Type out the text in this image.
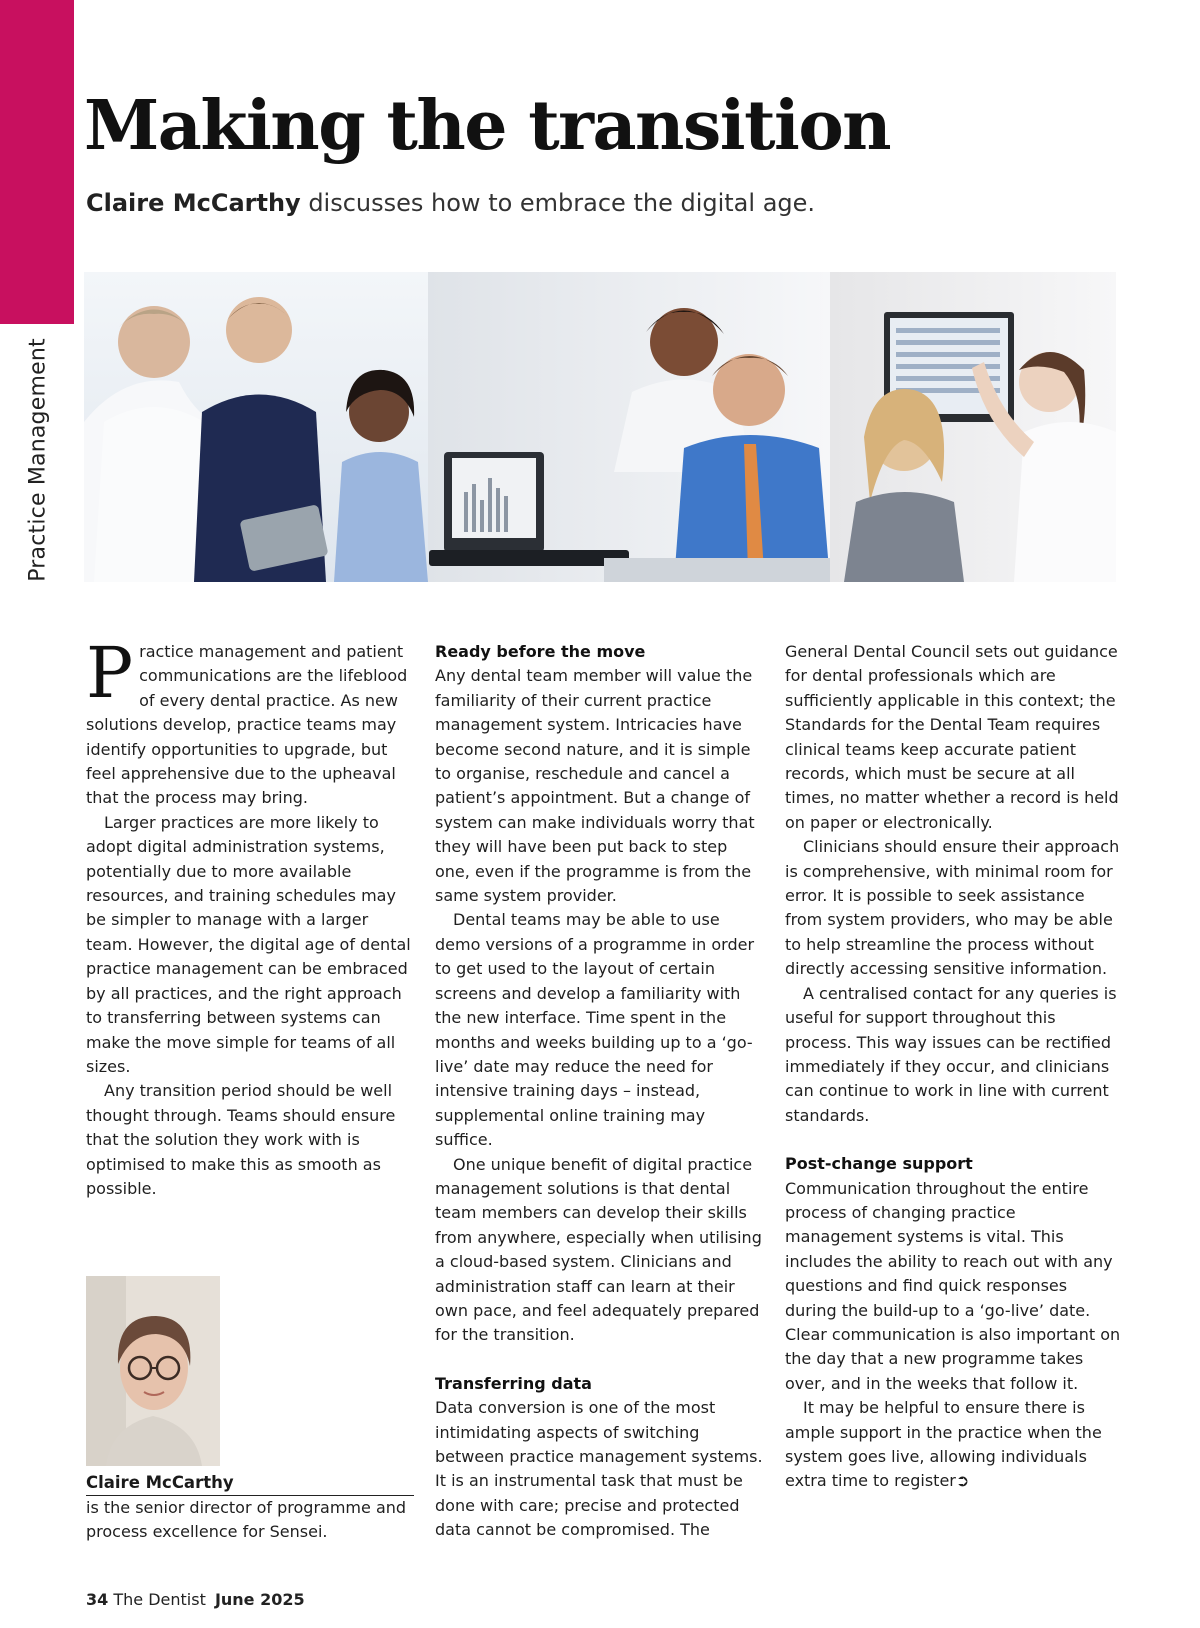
Practice Management
Making the transition

Claire McCarthy discusses how to embrace the digital age.

Practice management and patient communications are the lifeblood of every dental practice. As new solutions develop, practice teams may identify opportunities to upgrade, but feel apprehensive due to the upheaval that the process may bring.

Larger practices are more likely to adopt digital administration systems, potentially due to more available resources, and training schedules may be simpler to manage with a larger team. However, the digital age of dental practice management can be embraced by all practices, and the right approach to transferring between systems can make the move simple for teams of all sizes.

Any transition period should be well thought through. Teams should ensure that the solution they work with is optimised to make this as smooth as possible.

Ready before the move

Any dental team member will value the familiarity of their current practice management system. Intricacies have become second nature, and it is simple to organise, reschedule and cancel a patient’s appointment. But a change of system can make individuals worry that they will have been put back to step one, even if the programme is from the same system provider.

Dental teams may be able to use demo versions of a programme in order to get used to the layout of certain screens and develop a familiarity with the new interface. Time spent in the months and weeks building up to a ‘go-live’ date may reduce the need for intensive training days – instead, supplemental online training may suffice.

One unique benefit of digital practice management solutions is that dental team members can develop their skills from anywhere, especially when utilising a cloud-based system. Clinicians and administration staff can learn at their own pace, and feel adequately prepared for the transition.

Transferring data

Data conversion is one of the most intimidating aspects of switching between practice management systems. It is an instrumental task that must be done with care; precise and protected data cannot be compromised. The

General Dental Council sets out guidance for dental professionals which are sufficiently applicable in this context; the Standards for the Dental Team requires clinical teams keep accurate patient records, which must be secure at all times, no matter whether a record is held on paper or electronically.

Clinicians should ensure their approach is comprehensive, with minimal room for error. It is possible to seek assistance from system providers, who may be able to help streamline the process without directly accessing sensitive information.

A centralised contact for any queries is useful for support throughout this process. This way issues can be rectified immediately if they occur, and clinicians can continue to work in line with current standards.

Post-change support

Communication throughout the entire process of changing practice management systems is vital. This includes the ability to reach out with any questions and find quick responses during the build-up to a ‘go-live’ date. Clear communication is also important on the day that a new programme takes over, and in the weeks that follow it.

It may be helpful to ensure there is ample support in the practice when the system goes live, allowing individuals extra time to register➲

Claire McCarthy
is the senior director of programme and process excellence for Sensei.
34 The Dentist June 2025
